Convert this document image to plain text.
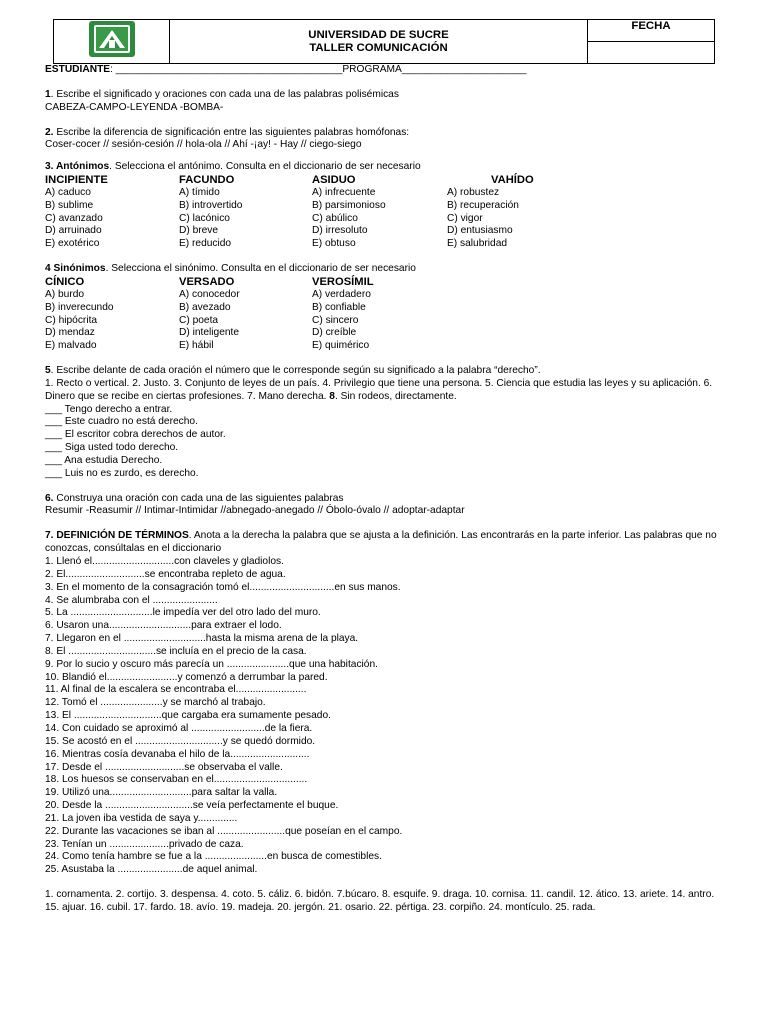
UNIVERSIDAD DE SUCRE
TALLER COMUNICACIÓN
	FECHA

ESTUDIANTE: ________________________________________PROGRAMA______________________

1. Escribe el significado y oraciones con cada una de las palabras polisémicas

CABEZA-CAMPO-LEYENDA -BOMBA-

2. Escribe la diferencia de significación entre las siguientes palabras homófonas:

Coser-cocer // sesión-cesión // hola-ola // Ahí -¡ay! - Hay // ciego-siego

3. Antónimos. Selecciona el antónimo. Consulta en el diccionario de ser necesario

INCIPIENTE	FACUNDO	ASIDUO	VAHÍDO
A) caduco	A) tímido	A) infrecuente	A) robustez
B) sublime	B) introvertido	B) parsimonioso	B) recuperación
C) avanzado	C) lacónico	C) abúlico	C) vigor
D) arruinado	D) breve	D) irresoluto	D) entusiasmo
E) exotérico	E) reducido	E) obtuso	E) salubridad

4 Sinónimos. Selecciona el sinónimo. Consulta en el diccionario de ser necesario

CÍNICO	VERSADO	VEROSÍMIL
A) burdo	A) conocedor	A) verdadero
B) inverecundo	B) avezado	B) confiable
C) hipócrita	C) poeta	C) sincero
D) mendaz	D) inteligente	D) creíble
E) malvado	E) hábil	E) quimérico

5. Escribe delante de cada oración el número que le corresponde según su significado a la palabra “derecho”.

1. Recto o vertical. 2. Justo. 3. Conjunto de leyes de un país. 4. Privilegio que tiene una persona. 5. Ciencia que estudia las leyes y su aplicación. 6. Dinero que se recibe en ciertas profesiones. 7. Mano derecha. 8. Sin rodeos, directamente.

___ Tengo derecho a entrar.

___ Este cuadro no está derecho.

___ El escritor cobra derechos de autor.

___ Siga usted todo derecho.

___ Ana estudia Derecho.

___ Luis no es zurdo, es derecho.

6. Construya una oración con cada una de las siguientes palabras

Resumir -Reasumir // Intimar-Intimidar //abnegado-anegado // Óbolo-óvalo // adoptar-adaptar

7. DEFINICIÓN DE TÉRMINOS. Anota a la derecha la palabra que se ajusta a la definición. Las encontrarás en la parte inferior. Las palabras que no conozcas, consúltalas en el diccionario

1. Llenó el.............................con claveles y gladiolos.

2. El............................se encontraba repleto de agua.

3. En el momento de la consagración tomó el..............................en sus manos.

4. Se alumbraba con el .......................

5. La .............................le impedía ver del otro lado del muro.

6. Usaron una.............................para extraer el lodo.

7. Llegaron en el .............................hasta la misma arena de la playa.

8. El ...............................se incluía en el precio de la casa.

9. Por lo sucio y oscuro más parecía un ......................que una habitación.

10. Blandió el.........................y comenzó a derrumbar la pared.

11. Al final de la escalera se encontraba el.........................

12. Tomó el ......................y se marchó al trabajo.

13. El ...............................que cargaba era sumamente pesado.

14. Con cuidado se aproximó al ..........................de la fiera.

15. Se acostó en el ...............................y se quedó dormido.

16. Mientras cosía devanaba el hilo de la............................

17. Desde el ............................se observaba el valle.

18. Los huesos se conservaban en el.................................

19. Utilizó una.............................para saltar la valla.

20. Desde la ...............................se veía perfectamente el buque.

21. La joven iba vestida de saya y..............

22. Durante las vacaciones se iban al ........................que poseían en el campo.

23. Tenían un .....................privado de caza.

24. Como tenía hambre se fue a la ......................en busca de comestibles.

25. Asustaba la .......................de aquel animal.

1. cornamenta. 2. cortijo. 3. despensa. 4. coto. 5. cáliz. 6. bidón. 7.búcaro. 8. esquife. 9. draga. 10. cornisa. 11. candil. 12. ático. 13. ariete. 14. antro. 15. ajuar. 16. cubil. 17. fardo. 18. avío. 19. madeja. 20. jergón. 21. osario. 22. pértiga. 23. corpiño. 24. montículo. 25. rada.
